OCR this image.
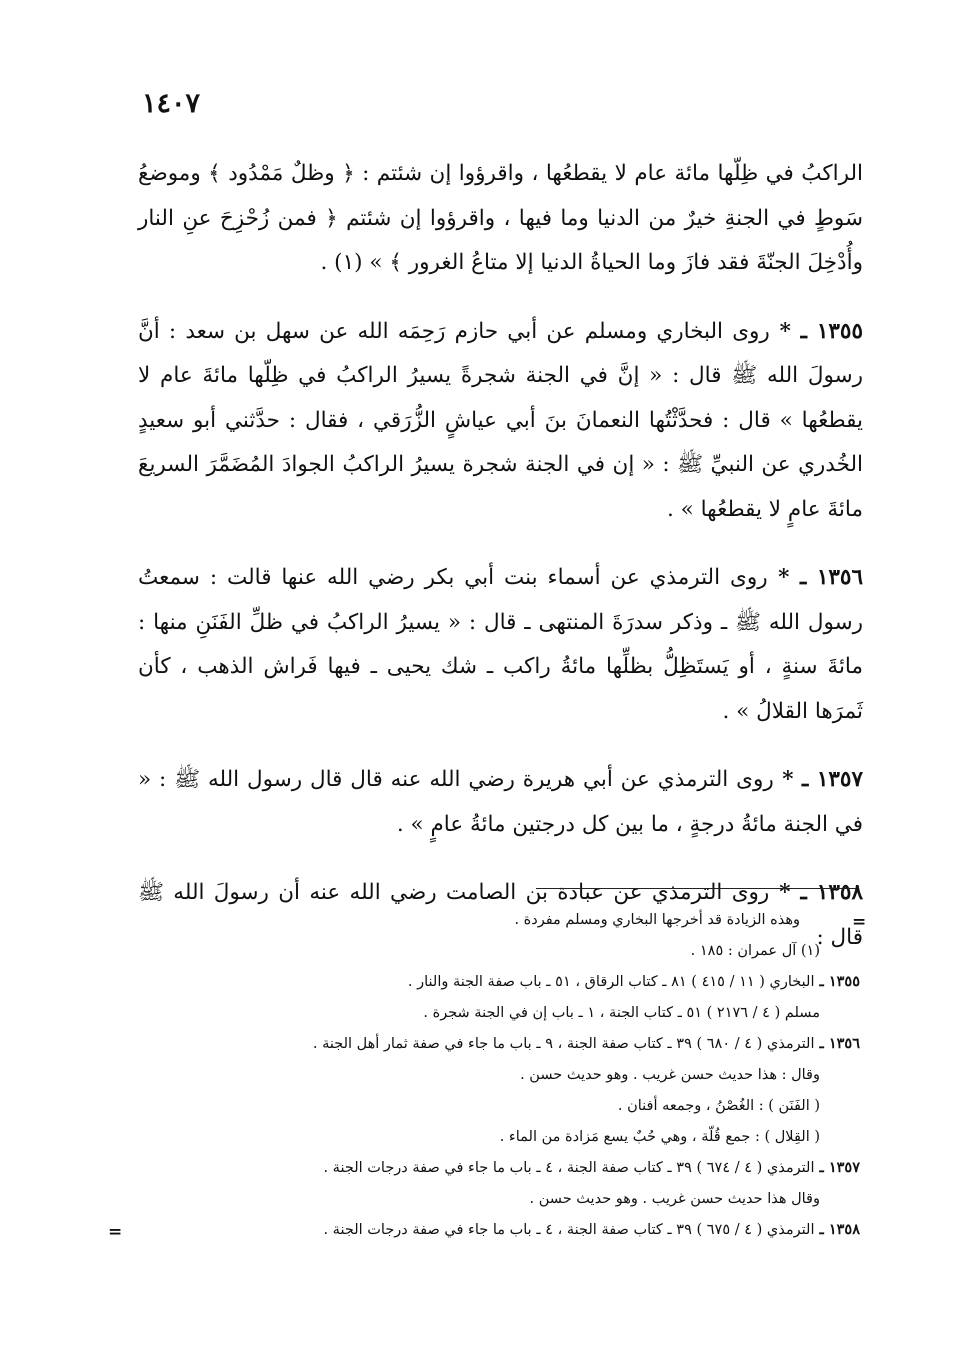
١٤٠٧

الراكبُ في ظِلّها مائة عام لا يقطعُها ، واقرؤوا إن شئتم : ﴿ وظلٌ مَمْدُود ﴾ وموضعُ سَوطٍ في الجنةِ خيرٌ من الدنيا وما فيها ، واقرؤوا إن شئتم ﴿ فمن زُحْزِحَ عنِ النار وأُدْخِلَ الجنّةَ فقد فازَ وما الحياةُ الدنيا إلا متاعُ الغرور ﴾ » (١) .

١٣٥٥ ـ * روى البخاري ومسلم عن أبي حازم رَحِمَه الله عن سهل بن سعد : أنَّ رسولَ الله ﷺ قال : « إنَّ في الجنة شجرةً يسيرُ الراكبُ في ظِلّها مائةَ عام لا يقطعُها » قال : فحدَّثْتُها النعمانَ بنَ أبي عياشٍ الزُّرَقي ، فقال : حدَّثني أبو سعيدٍ الخُدري عن النبيِّ ﷺ : « إن في الجنة شجرة يسيرُ الراكبُ الجوادَ المُضَمَّرَ السريعَ مائةَ عامٍ لا يقطعُها » .

١٣٥٦ ـ * روى الترمذي عن أسماء بنت أبي بكر رضي الله عنها قالت : سمعتُ رسول الله ﷺ ـ وذكر سدرَةَ المنتهى ـ قال : « يسيرُ الراكبُ في ظلِّ الفَنَنِ منها : مائةَ سنةٍ ، أو يَستَظِلُّ بظلِّها مائةُ راكب ـ شك يحيى ـ فيها فَراش الذهب ، كأن ثَمرَها القلالُ » .

١٣٥٧ ـ * روى الترمذي عن أبي هريرة رضي الله عنه قال قال رسول الله ﷺ : « في الجنة مائةُ درجةٍ ، ما بين كل درجتين مائةُ عامٍ » .

١٣٥٨ ـ * روى الترمذي عن عبادة بن الصامت رضي الله عنه أن رسولَ الله ﷺ قال :

=
وهذه الزيادة قد أخرجها البخاري ومسلم مفردة .
(١) آل عمران : ١٨٥ .
١٣٥٥ ـ البخاري ( ١١ / ٤١٥ ) ٨١ ـ كتاب الرقاق ، ٥١ ـ باب صفة الجنة والنار .
مسلم ( ٤ / ٢١٧٦ ) ٥١ ـ كتاب الجنة ، ١ ـ باب إن في الجنة شجرة .
١٣٥٦ ـ الترمذي ( ٤ / ٦٨٠ ) ٣٩ ـ كتاب صفة الجنة ، ٩ ـ باب ما جاء في صفة ثمار أهل الجنة .
وقال : هذا حديث حسن غريب . وهو حديث حسن .
( الفَنَن ) : الغُصْنُ ، وجمعه أفنان .
( القِلال ) : جمع قُلّة ، وهي حُبٌ يسع مَزادة من الماء .
١٣٥٧ ـ الترمذي ( ٤ / ٦٧٤ ) ٣٩ ـ كتاب صفة الجنة ، ٤ ـ باب ما جاء في صفة درجات الجنة .
وقال هذا حديث حسن غريب . وهو حديث حسن .
١٣٥٨ ـ الترمذي ( ٤ / ٦٧٥ ) ٣٩ ـ كتاب صفة الجنة ، ٤ ـ باب ما جاء في صفة درجات الجنة .
=
